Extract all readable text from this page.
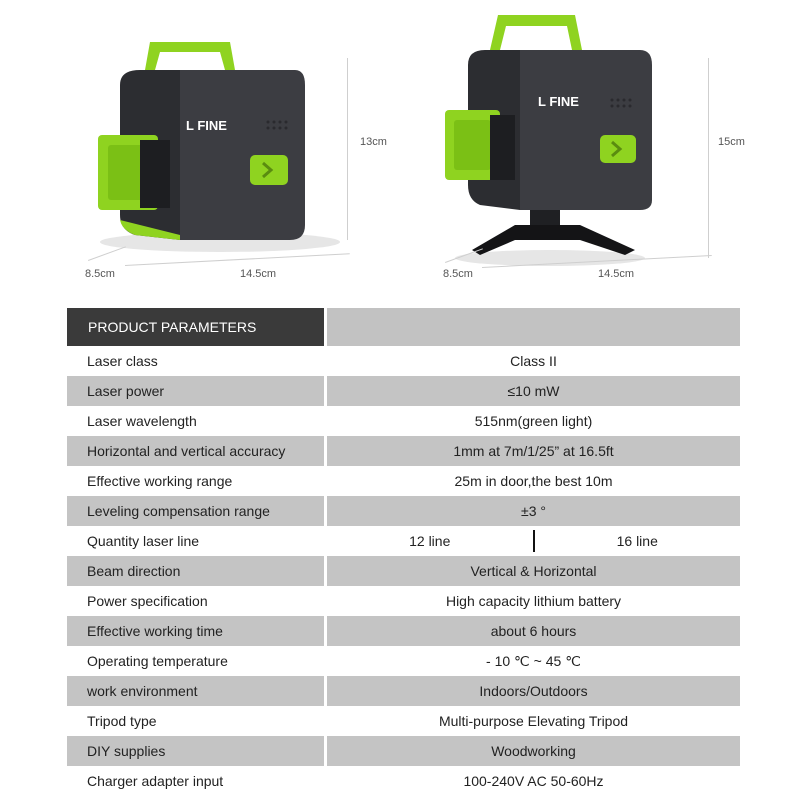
L FINE
13cm
8.5cm	14.5cm
L FINE
15cm
8.5cm	14.5cm
PRODUCT PARAMETERS
Laser class	Class II
Laser power	≤10 mW
Laser wavelength	515nm(green light)
Horizontal and vertical accuracy	1mm at 7m/1/25” at 16.5ft
Effective working range	25m in door,the best 10m
Leveling compensation range	±3 °
Quantity laser line	12 line	16 line
Beam direction	Vertical & Horizontal
Power specification	High capacity lithium battery
Effective working time	about 6 hours
Operating temperature	- 10 ℃ ~ 45 ℃
work environment	Indoors/Outdoors
Tripod type	Multi-purpose Elevating Tripod
DIY supplies	Woodworking
Charger adapter input	100-240V AC 50-60Hz
